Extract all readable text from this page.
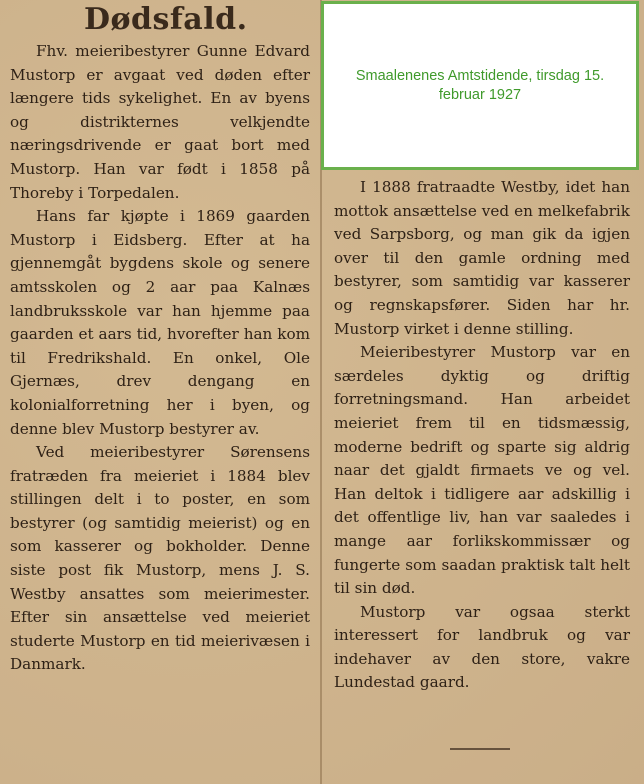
Dødsfald.

Fhv. meieribestyrer Gunne Edvard Mustorp er avgaat ved døden efter længere tids sykelighet. En av byens og distrikternes velkjendte næringsdrivende er gaat bort med Mustorp. Han var født i 1858 på Thoreby i Torpedalen.

Hans far kjøpte i 1869 gaarden Mustorp i Eidsberg. Efter at ha gjennemgåt bygdens skole og senere amtsskolen og 2 aar paa Kalnæs landbruksskole var han hjemme paa gaarden et aars tid, hvorefter han kom til Fredrikshald. En onkel, Ole Gjernæs, drev dengang en kolonialforretning her i byen, og denne blev Mustorp bestyrer av.

Ved meieribestyrer Sørensens fratræden fra meieriet i 1884 blev stillingen delt i to poster, en som bestyrer (og samtidig meierist) og en som kasserer og bokholder. Denne siste post fik Mustorp, mens J. S. Westby ansattes som meierimester. Efter sin ansættelse ved meieriet studerte Mustorp en tid meierivæsen i Danmark.

I 1888 fratraadte Westby, idet han mottok ansættelse ved en melkefabrik ved Sarpsborg, og man gik da igjen over til den gamle ordning med bestyrer, som samtidig var kasserer og regnskapsfører. Siden har hr. Mustorp virket i denne stilling.

Meieribestyrer Mustorp var en særdeles dyktig og driftig forretningsmand. Han arbeidet meieriet frem til en tidsmæssig, moderne bedrift og sparte sig aldrig naar det gjaldt firmaets ve og vel. Han deltok i tidligere aar adskillig i det offentlige liv, han var saaledes i mange aar forlikskommissær og fungerte som saadan praktisk talt helt til sin død.

Mustorp var ogsaa sterkt interessert for landbruk og var indehaver av den store, vakre Lundestad gaard.

Smaalenenes Amtstidende, tirsdag 15. februar 1927
